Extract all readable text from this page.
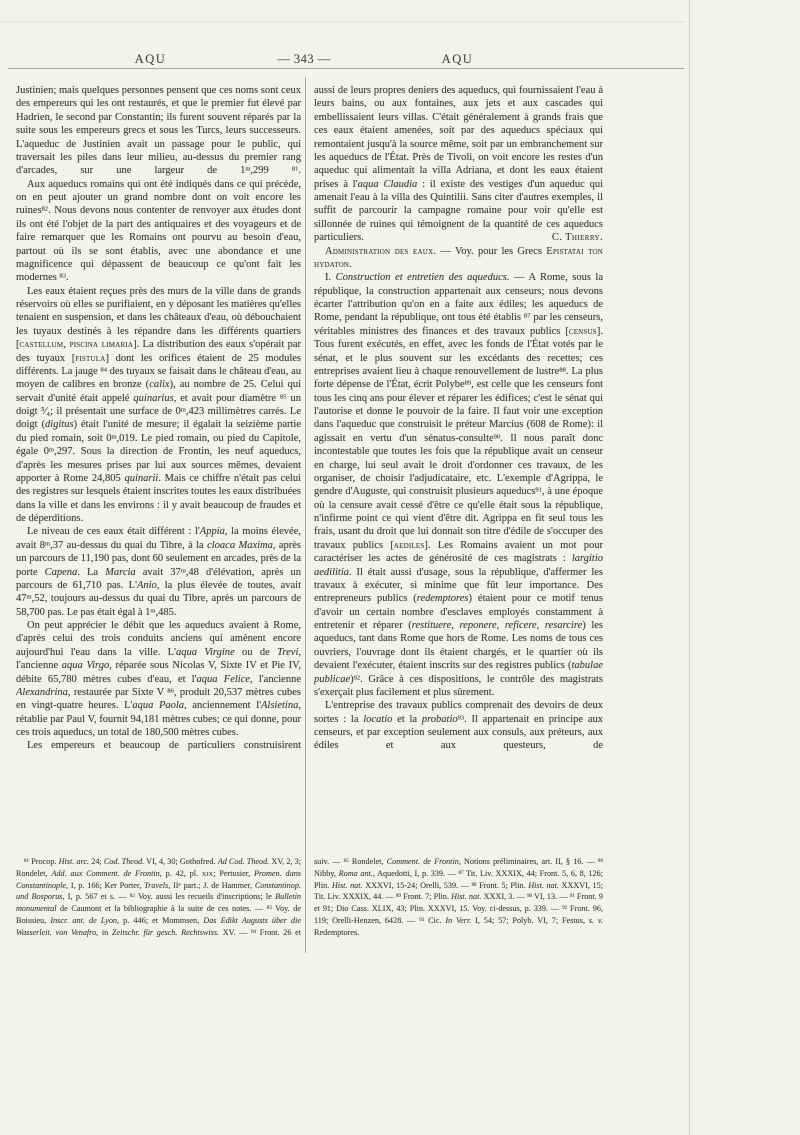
AQU	— 343 —	AQU

Justinien; mais quelques personnes pensent que ces noms sont ceux des empereurs qui les ont restaurés, et que le premier fut élevé par Hadrien, le second par Constantin; ils furent souvent réparés par la suite sous les empereurs grecs et sous les Turcs, leurs successeurs. L'aqueduc de Justinien avait un passage pour le public, qui traversait les piles dans leur milieu, au-dessus du premier rang d'arcades, sur une largeur de 1$^m$,299 $^{81}$.

Aux aqueducs romains qui ont été indiqués dans ce qui précède, on en peut ajouter un grand nombre dont on voit encore les ruines$^{82}$. Nous devons nous contenter de renvoyer aux études dont ils ont été l'objet de la part des antiquaires et des voyageurs et de faire remarquer que les Romains ont pourvu au besoin d'eau, partout où ils se sont établis, avec une abondance et une magnificence qui dépassent de beaucoup ce qu'ont fait les modernes $^{83}$.

Les eaux étaient reçues près des murs de la ville dans de grands réservoirs où elles se purifiaient, en y déposant les matières qu'elles tenaient en suspension, et dans les châteaux d'eau, où débouchaient les tuyaux destinés à les répandre dans les différents quartiers [castellum, piscina limaria]. La distribution des eaux s'opérait par des tuyaux [fistula] dont les orifices étaient de 25 modules différents. La jauge $^{84}$ des tuyaux se faisait dans le château d'eau, au moyen de calibres en bronze (calix), au nombre de 25. Celui qui servait d'unité était appelé quinarius, et avait pour diamètre $^{85}$ un doigt ⁵⁄₄; il présentait une surface de 0$^m$,423 millimètres carrés. Le doigt (digitus) était l'unité de mesure; il égalait la seizième partie du pied romain, soit 0$^m$,019. Le pied romain, ou pied du Capitole, égale 0$^m$,297. Sous la direction de Frontin, les neuf aqueducs, d'après les mesures prises par lui aux sources mêmes, devaient apporter à Rome 24,805 quinarii. Mais ce chiffre n'était pas celui des registres sur lesquels étaient inscrites toutes les eaux distribuées dans la ville et dans les environs : il y avait beaucoup de fraudes et de déperditions.

Le niveau de ces eaux était différent : l'Appia, la moins élevée, avait 8$^m$,37 au-dessus du quai du Tibre, à la cloaca Maxima, après un parcours de 11,190 pas, dont 60 seulement en arcades, près de la porte Capena. La Marcia avait 37$^m$,48 d'élévation, après un parcours de 61,710 pas. L'Anio, la plus élevée de toutes, avait 47$^m$,52, toujours au-dessus du quai du Tibre, après un parcours de 58,700 pas. Le pas était égal à 1$^m$,485.

On peut apprécier le débit que les aqueducs avaient à Rome, d'après celui des trois conduits anciens qui amènent encore aujourd'hui l'eau dans la ville. L'aqua Virgine ou de Trevi, l'ancienne aqua Virgo, réparée sous Nicolas V, Sixte IV et Pie IV, débite 65,780 mètres cubes d'eau, et l'aqua Felice, l'ancienne Alexandrina, restaurée par Sixte V $^{86}$, produit 20,537 mètres cubes en vingt-quatre heures. L'aqua Paola, anciennement l'Alsietina, rétablie par Paul V, fournit 94,181 mètres cubes; ce qui donne, pour ces trois aqueducs, un total de 180,500 mètres cubes.

Les empereurs et beaucoup de particuliers construisirent

aussi de leurs propres deniers des aqueducs, qui fournissaient l'eau à leurs bains, ou aux fontaines, aux jets et aux cascades qui embellissaient leurs villas. C'était généralement à grands frais que ces eaux étaient amenées, soit par des aqueducs spéciaux qui remontaient jusqu'à la source même, soit par un embranchement sur les aqueducs de l'État. Près de Tivoli, on voit encore les restes d'un aqueduc qui alimentait la villa Adriana, et dont les eaux étaient prises à l'aqua Claudia : il existe des vestiges d'un aqueduc qui amenait l'eau à la villa des Quintilii. Sans citer d'autres exemples, il suffit de parcourir la campagne romaine pour voir qu'elle est sillonnée de ruines qui témoignent de la quantité de ces aqueducs particuliers.	C. Thierry.

Administration des eaux. — Voy. pour les Grecs Epistatai ton hydaton.

I. Construction et entretien des aqueducs. — A Rome, sous la république, la construction appartenait aux censeurs; nous devons écarter l'attribution qu'on en a faite aux édiles; les aqueducs de Rome, pendant la république, ont tous été établis $^{87}$ par les censeurs, véritables ministres des finances et des travaux publics [census]. Tous furent exécutés, en effet, avec les fonds de l'État votés par le sénat, et le plus souvent sur les excédants des recettes; ces entreprises avaient lieu à chaque renouvellement de lustre$^{88}$. La plus forte dépense de l'État, écrit Polybe$^{89}$, est celle que les censeurs font tous les cinq ans pour élever et réparer les édifices; c'est le sénat qui l'autorise et donne le pouvoir de la faire. Il faut voir une exception dans l'aqueduc que construisit le préteur Marcius (608 de Rome): il agissait en vertu d'un sénatus-consulte$^{90}$. Il nous paraît donc incontestable que toutes les fois que la république avait un censeur en charge, lui seul avait le droit d'ordonner ces travaux, de les organiser, de choisir l'adjudicataire, etc. L'exemple d'Agrippa, le gendre d'Auguste, qui construisit plusieurs aqueducs$^{91}$, à une époque où la censure avait cessé d'être ce qu'elle était sous la république, n'infirme point ce qui vient d'être dit. Agrippa en fit seul tous les frais, usant du droit que lui donnait son titre d'édile de s'occuper des travaux publics [aediles]. Les Romains avaient un mot pour caractériser les actes de générosité de ces magistrats : largitio aedilitia. Il était aussi d'usage, sous la république, d'affermer les travaux à exécuter, si minime que fût leur importance. Des entrepreneurs publics (redemptores) étaient pour ce motif tenus d'avoir un certain nombre d'esclaves employés constamment à entretenir et réparer (restituere, reponere, reficere, resarcire) les aqueducs, tant dans Rome que hors de Rome. Les noms de tous ces ouvriers, l'ouvrage dont ils étaient chargés, et le quartier où ils devaient l'exécuter, étaient inscrits sur des registres publics (tabulae publicae)$^{92}$. Grâce à ces dispositions, le contrôle des magistrats s'exerçait plus facilement et plus sûrement.

L'entreprise des travaux publics comprenait des devoirs de deux sortes : la locatio et la probatio$^{93}$. Il appartenait en principe aux censeurs, et par exception seulement aux consuls, aux préteurs, aux édiles et aux questeurs, de

$^{81}$ Procop. Hist. arc. 24; Cod. Theod. VI, 4, 30; Gothofred. Ad Cod. Theod. XV, 2, 3; Rondelet, Add. aux Comment. de Frontin, p. 42, pl. xix; Pertusier, Promen. dans Constantinople, I, p. 166; Ker Porter, Travels, IIe part.; J. de Hammer, Constantinop. und Bosporus, I, p. 567 et s. — $^{82}$ Voy. aussi les recueils d'inscriptions; le Bulletin monumental de Caumont et la bibliographie à la suite de ces notes. — $^{83}$ Voy. de Boissieu, Inscr. ant. de Lyon, p. 446; et Mommsen, Das Edikt Augusts über die Wasserleit. von Venafro, in Zeitschr. für gesch. Rechtswiss. XV. — $^{84}$ Front. 26 et

suiv. — $^{85}$ Rondelet, Comment. de Frontin, Notions préliminaires, art. II, § 16. — $^{86}$ Nibby, Roma ant., Aquedotti, I, p. 339. — $^{87}$ Tit. Liv. XXXIX, 44; Front. 5, 6, 8, 126; Plin. Hist. nat. XXXVI, 15-24; Orelli, 539. — $^{88}$ Front. 5; Plin. Hist. nat. XXXVI, 15; Tit. Liv. XXXIX, 44. — $^{89}$ Front. 7; Plin. Hist. nat. XXXI, 3. — $^{90}$ VI, 13. — $^{91}$ Front. 9 et 91; Dio Cass. XLIX, 43; Plin. XXXVI, 15. Voy. ci-dessus, p. 339. — $^{92}$ Front. 96, 119; Orelli-Henzen, 6428. — $^{93}$ Cic. In Verr. I, 54; 57; Polyb. VI, 7; Festus, s. v. Redemptores.
